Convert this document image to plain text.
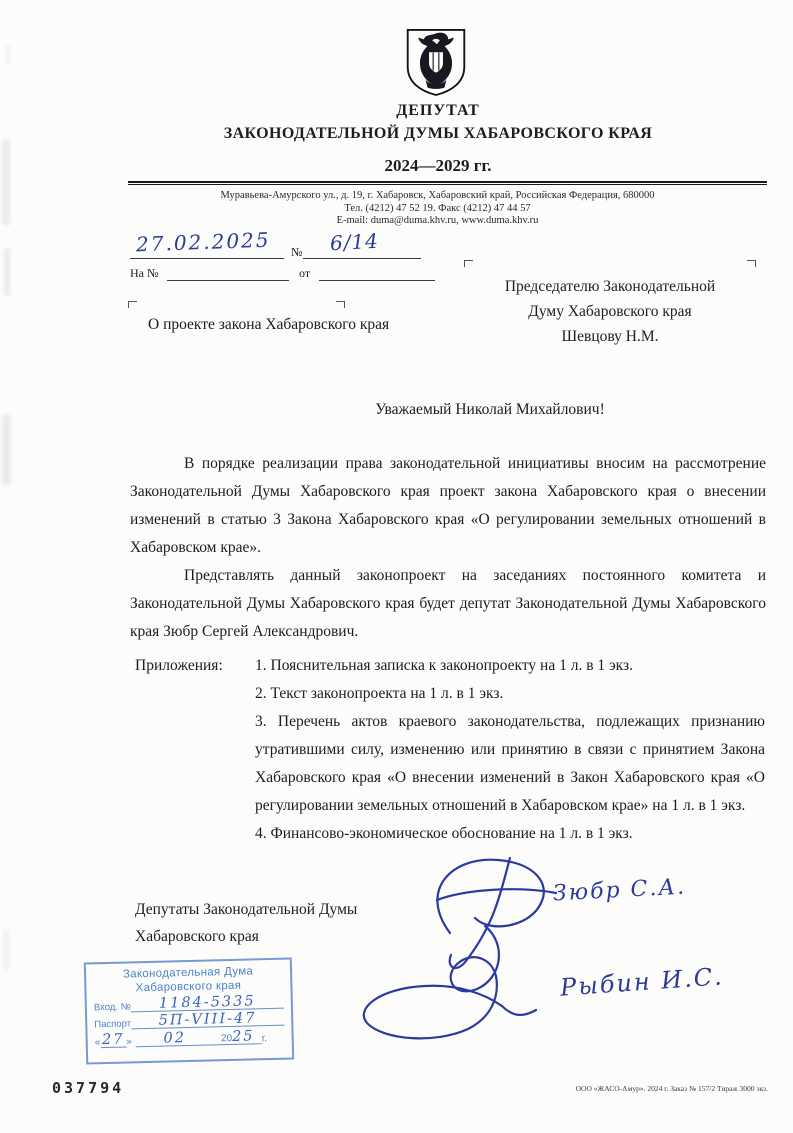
ДЕПУТАТ
ЗАКОНОДАТЕЛЬНОЙ ДУМЫ ХАБАРОВСКОГО КРАЯ
2024—2029 гг.
Муравьева-Амурского ул., д. 19, г. Хабаровск, Хабаровский край, Российская Федерация, 680000
Тел. (4212) 47 52 19. Факс (4212) 47 44 57
E-mail: duma@duma.khv.ru, www.duma.khv.ru
27.02.2025 № 6/14
На №	от
Председателю Законодательной
Думу Хабаровского края
Шевцову Н.М.
О проекте закона Хабаровского края
Уважаемый Николай Михайлович!

В порядке реализации права законодательной инициативы вносим на рассмотрение Законодательной Думы Хабаровского края проект закона Хабаровского края о внесении изменений в статью 3 Закона Хабаровского края «О регулировании земельных отношений в Хабаровском крае».

Представлять данный законопроект на заседаниях постоянного комитета и Законодательной Думы Хабаровского края будет депутат Законодательной Думы Хабаровского края Зюбр Сергей Александрович.

Приложения:	1. Пояснительная записка к законопроекту на 1 л. в 1 экз.
2. Текст законопроекта на 1 л. в 1 экз.
3. Перечень актов краевого законодательства, подлежащих признанию утратившими силу, изменению или принятию в связи с принятием Закона Хабаровского края «О внесении изменений в Закон Хабаровского края «О регулировании земельных отношений в Хабаровском крае» на 1 л. в 1 экз.
4. Финансово-экономическое обоснование на 1 л. в 1 экз.
Депутаты Законодательной Думы Хабаровского края
Зюбр С.А.
Рыбин И.С.
Законодательная Дума
Хабаровского края
Вход. №	1184-5335
Паспорт	5П-VIII-47
« 27 »	02	2025 г.
037794	ООО «ЖАСО-Амур». 2024 г. Заказ № 157/2 Тираж 3000 экз.
